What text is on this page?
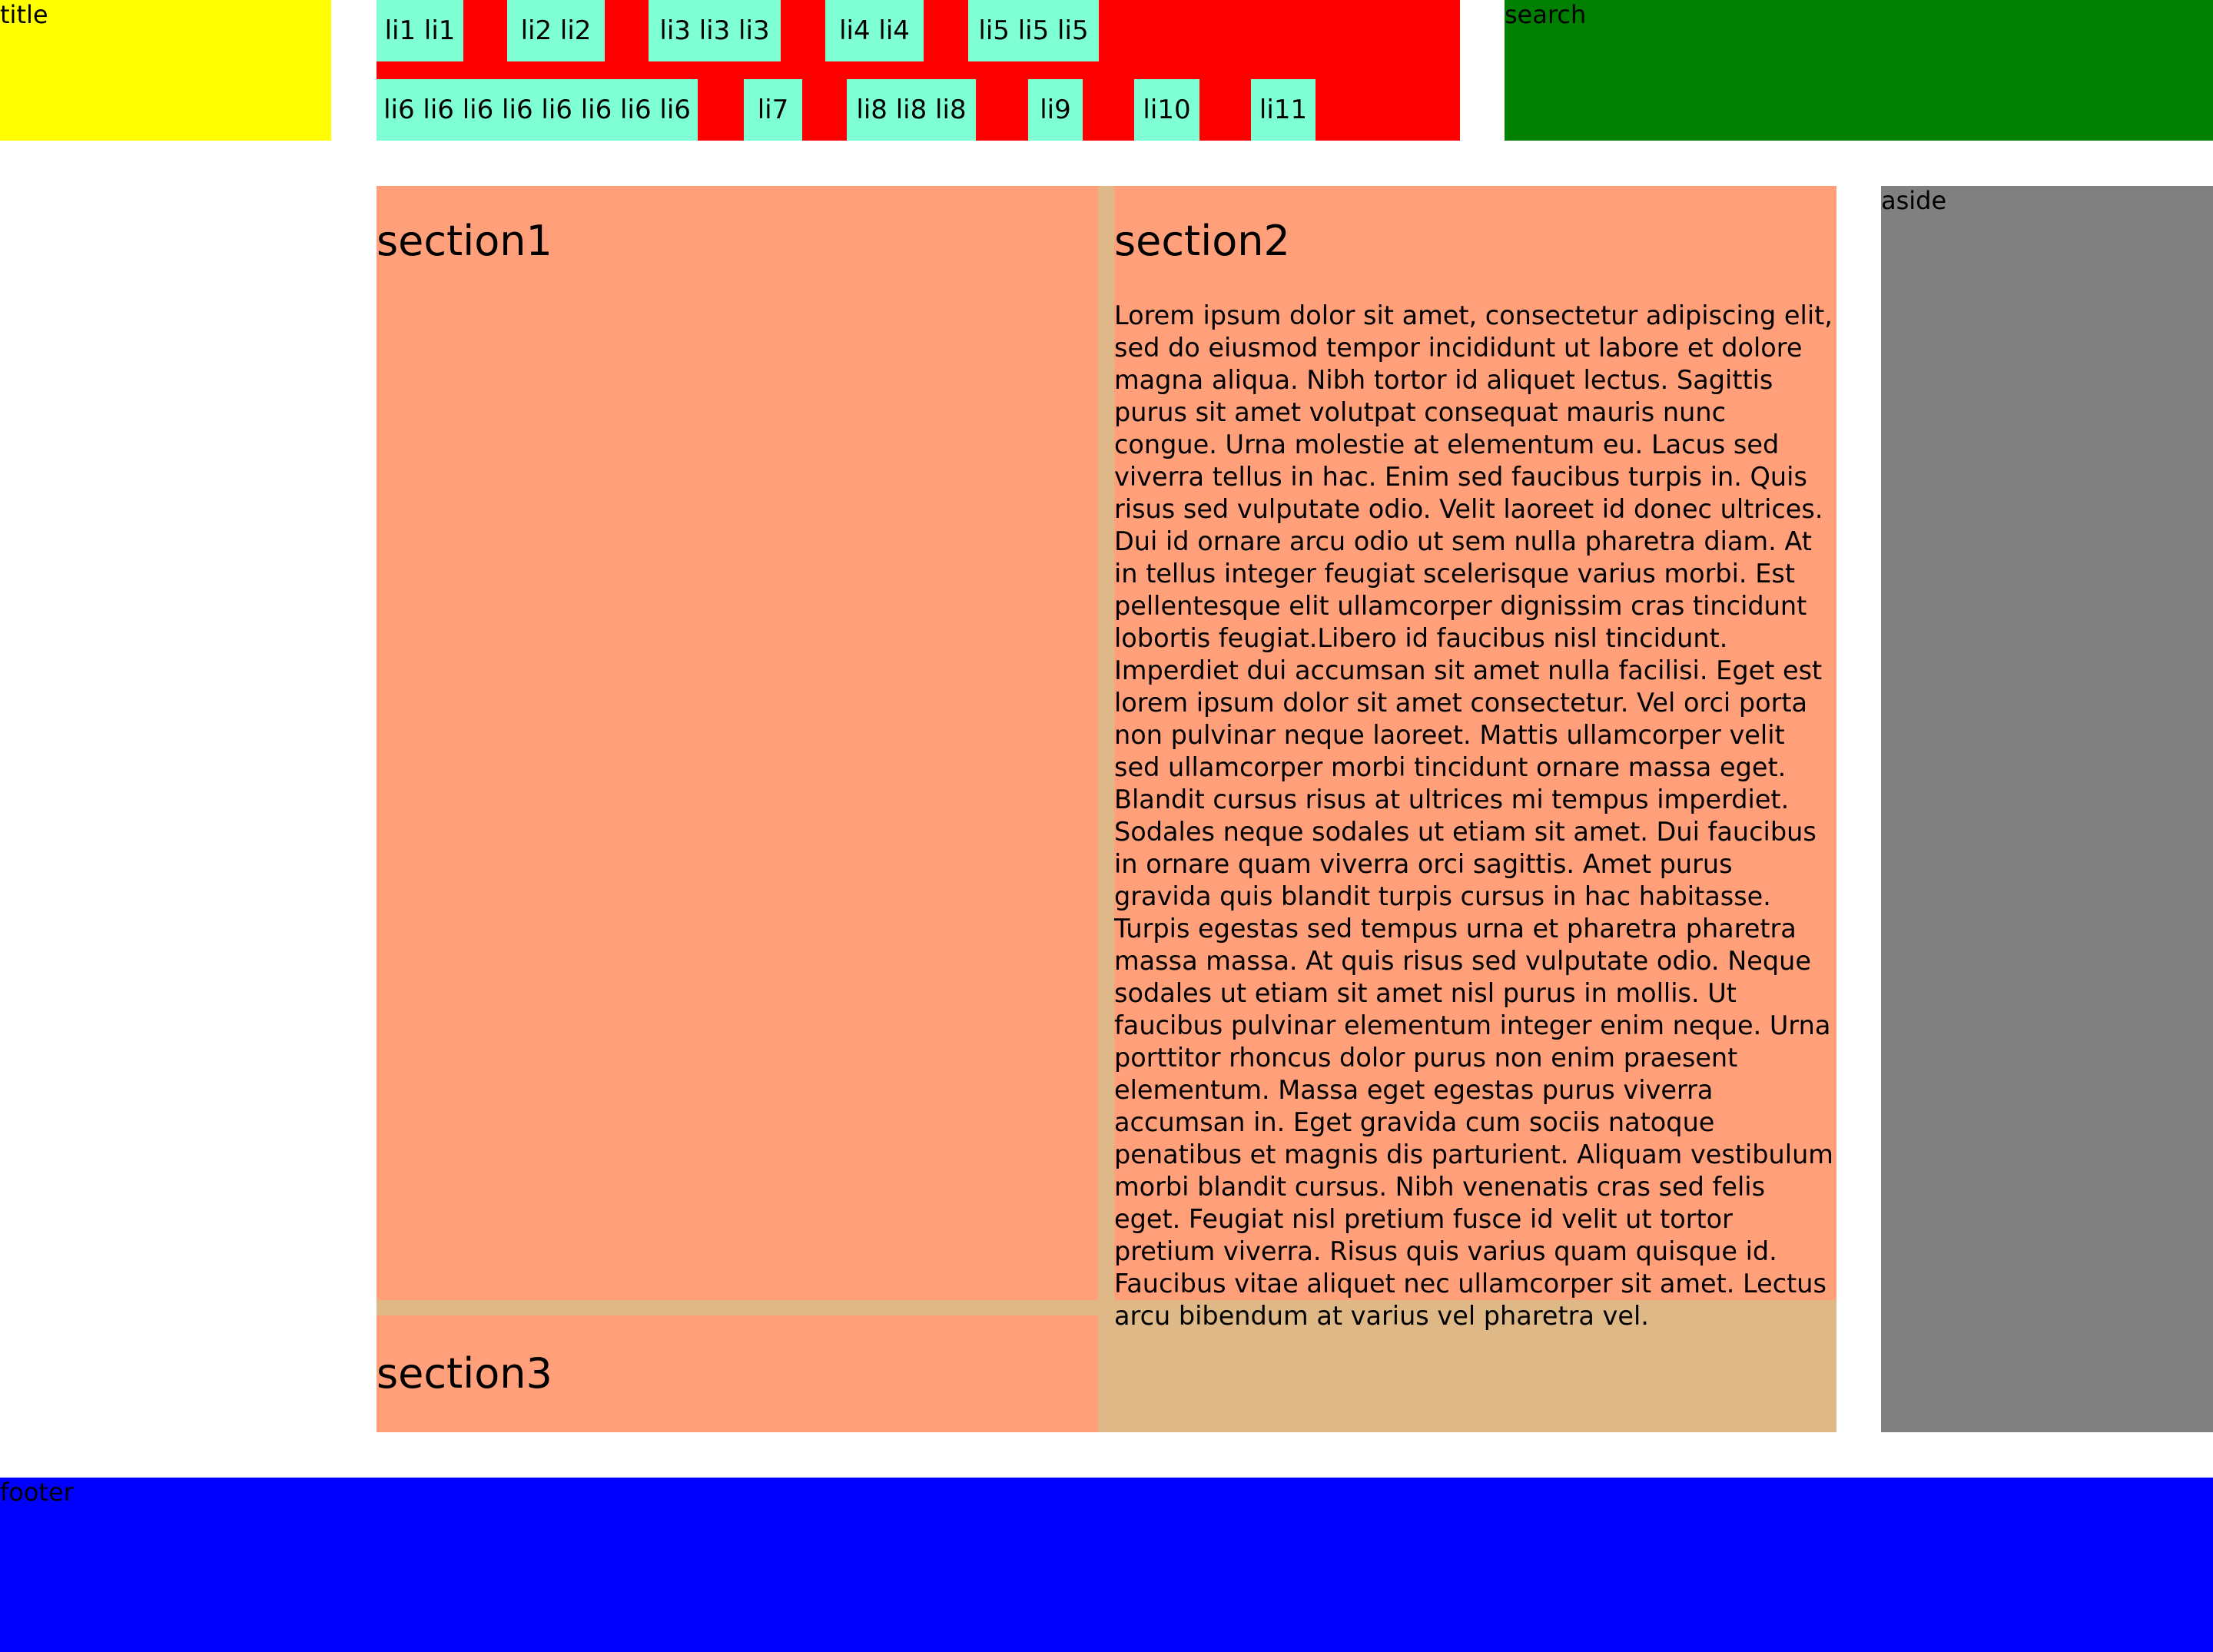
title
li1 li1	li2 li2	li3 li3 li3	li4 li4	li5 li5 li5
li6 li6 li6 li6 li6 li6 li6 li6	li7	li8 li8 li8	li9	li10	li11
search
section1	section2

Lorem ipsum dolor sit amet, consectetur adipiscing elit, sed do eiusmod tempor incididunt ut labore et dolore magna aliqua. Nibh tortor id aliquet lectus. Sagittis purus sit amet volutpat consequat mauris nunc congue. Urna molestie at elementum eu. Lacus sed viverra tellus in hac. Enim sed faucibus turpis in. Quis risus sed vulputate odio. Velit laoreet id donec ultrices. Dui id ornare arcu odio ut sem nulla pharetra diam. At in tellus integer feugiat scelerisque varius morbi. Est pellentesque elit ullamcorper dignissim cras tincidunt lobortis feugiat.Libero id faucibus nisl tincidunt. Imperdiet dui accumsan sit amet nulla facilisi. Eget est lorem ipsum dolor sit amet consectetur. Vel orci porta non pulvinar neque laoreet. Mattis ullamcorper velit sed ullamcorper morbi tincidunt ornare massa eget. Blandit cursus risus at ultrices mi tempus imperdiet. Sodales neque sodales ut etiam sit amet. Dui faucibus in ornare quam viverra orci sagittis. Amet purus gravida quis blandit turpis cursus in hac habitasse. Turpis egestas sed tempus urna et pharetra pharetra massa massa. At quis risus sed vulputate odio. Neque sodales ut etiam sit amet nisl purus in mollis. Ut faucibus pulvinar elementum integer enim neque. Urna porttitor rhoncus dolor purus non enim praesent elementum. Massa eget egestas purus viverra accumsan in. Eget gravida cum sociis natoque penatibus et magnis dis parturient. Aliquam vestibulum morbi blandit cursus. Nibh venenatis cras sed felis eget. Feugiat nisl pretium fusce id velit ut tortor pretium viverra. Risus quis varius quam quisque id. Faucibus vitae aliquet nec ullamcorper sit amet. Lectus arcu bibendum at varius vel pharetra vel.

section3
aside
footer
